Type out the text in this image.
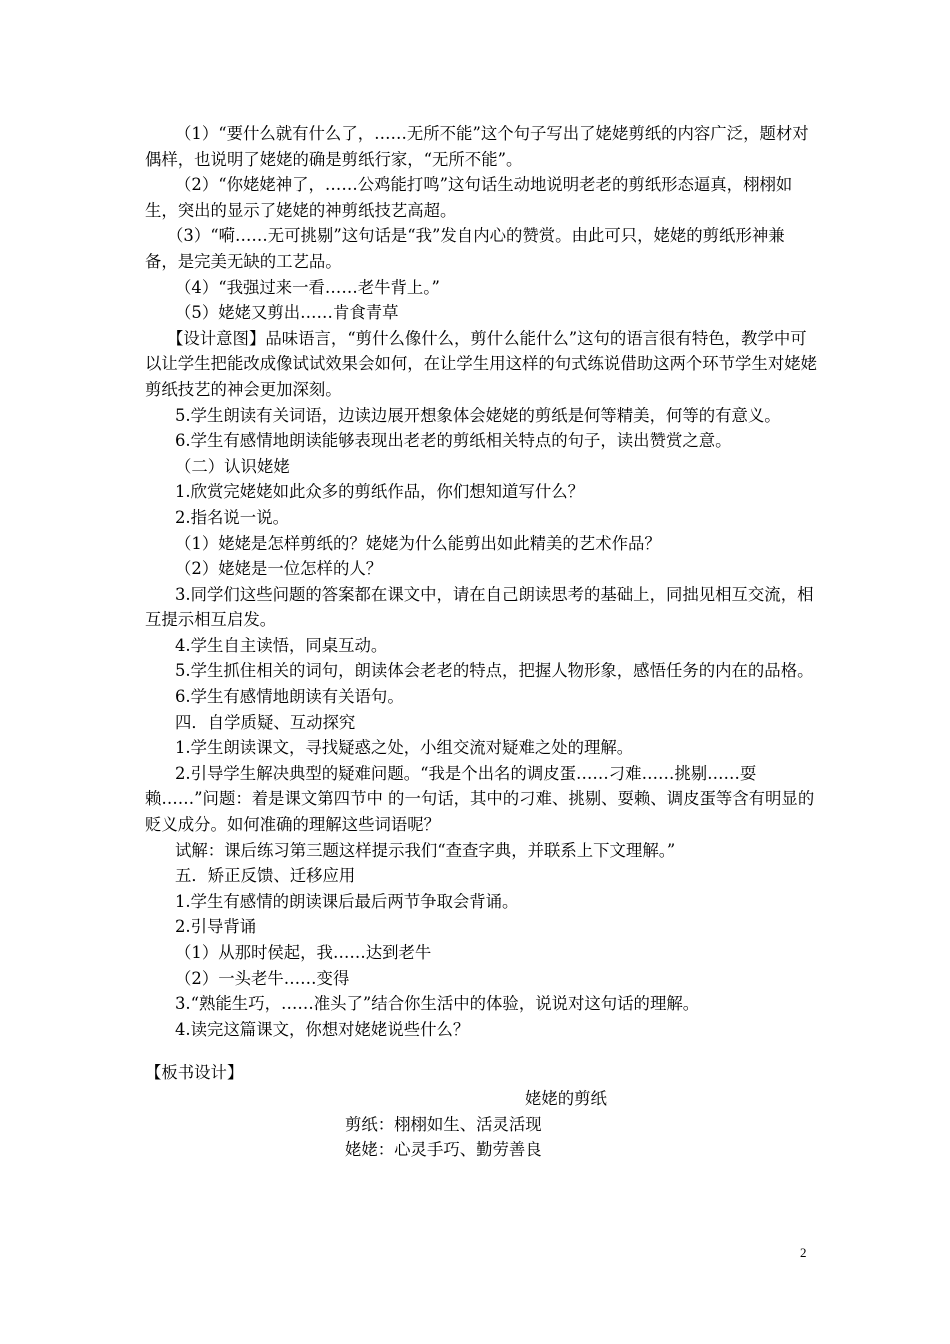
（1）“要什么就有什么了，……无所不能”这个句子写出了姥姥剪纸的内容广泛，题材对偶样，也说明了姥姥的确是剪纸行家，“无所不能”。

（2）“你姥姥神了，……公鸡能打鸣”这句话生动地说明老老的剪纸形态逼真，栩栩如生，突出的显示了姥姥的神剪纸技艺高超。

（3）“嗬……无可挑剔”这句话是“我”发自内心的赞赏。由此可只，姥姥的剪纸形神兼备，是完美无缺的工艺品。

（4）“我强过来一看……老牛背上。”

（5）姥姥又剪出……肯食青草

【设计意图】品味语言，“剪什么像什么，剪什么能什么”这句的语言很有特色，教学中可以让学生把能改成像试试效果会如何，在让学生用这样的句式练说借助这两个环节学生对姥姥剪纸技艺的神会更加深刻。

5.学生朗读有关词语，边读边展开想象体会姥姥的剪纸是何等精美，何等的有意义。

6.学生有感情地朗读能够表现出老老的剪纸相关特点的句子，读出赞赏之意。

（二）认识姥姥

1.欣赏完姥姥如此众多的剪纸作品，你们想知道写什么？

2.指名说一说。

（1）姥姥是怎样剪纸的？姥姥为什么能剪出如此精美的艺术作品？

（2）姥姥是一位怎样的人？

3.同学们这些问题的答案都在课文中，请在自己朗读思考的基础上，同拙见相互交流，相互提示相互启发。

4.学生自主读悟，同桌互动。

5.学生抓住相关的词句，朗读体会老老的特点，把握人物形象，感悟任务的内在的品格。

6.学生有感情地朗读有关语句。

四．自学质疑、互动探究

1.学生朗读课文，寻找疑惑之处，小组交流对疑难之处的理解。

2.引导学生解决典型的疑难问题。“我是个出名的调皮蛋……刁难……挑剔……耍赖……”问题：着是课文第四节中 的一句话，其中的刁难、挑剔、耍赖、调皮蛋等含有明显的贬义成分。如何准确的理解这些词语呢？

试解：课后练习第三题这样提示我们“查查字典，并联系上下文理解。”

五．矫正反馈、迁移应用

1.学生有感情的朗读课后最后两节争取会背诵。

2.引导背诵

（1）从那时侯起，我……达到老牛

（2）一头老牛……变得

3.“熟能生巧，……准头了”结合你生活中的体验，说说对这句话的理解。

4.读完这篇课文，你想对姥姥说些什么？

【板书设计】

姥姥的剪纸

剪纸：栩栩如生、活灵活现

姥姥：心灵手巧、勤劳善良

2
